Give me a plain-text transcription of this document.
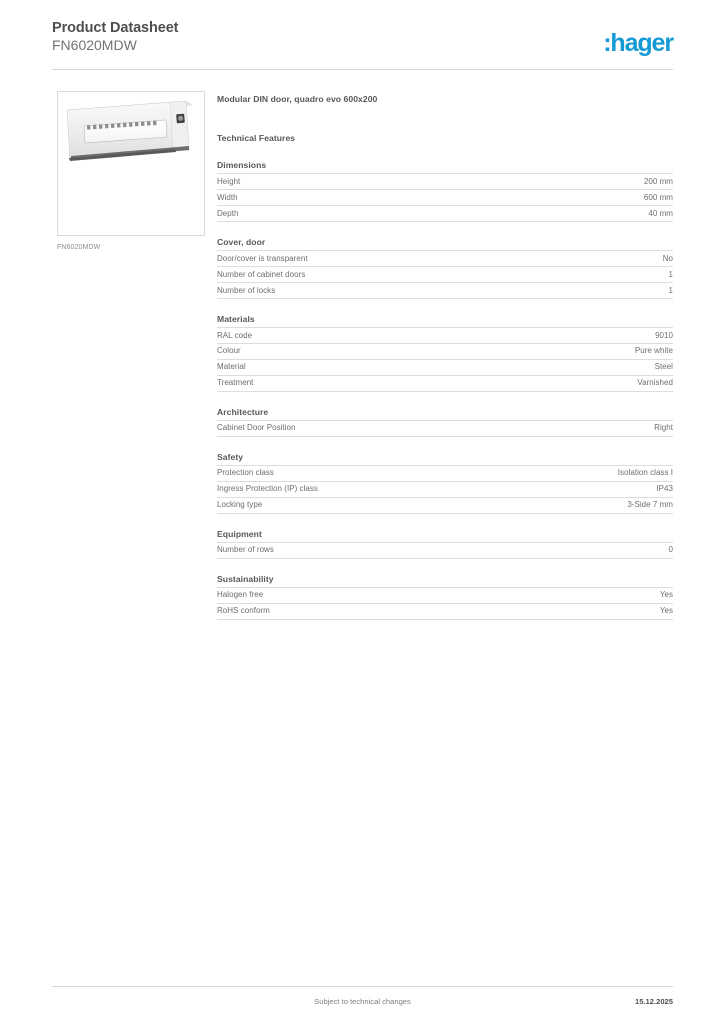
Product Datasheet
FN6020MDW	:hager
FN6020MDW
Modular DIN door, quadro evo 600x200
Technical Features
Dimensions
Height	200 mm
Width	600 mm
Depth	40 mm
Cover, door
Door/cover is transparent	No
Number of cabinet doors	1
Number of locks	1
Materials
RAL code	9010
Colour	Pure white
Material	Steel
Treatment	Varnished
Architecture
Cabinet Door Position	Right
Safety
Protection class	Isolation class I
Ingress Protection (IP) class	IP43
Locking type	3-Side 7 mm
Equipment
Number of rows	0
Sustainability
Halogen free	Yes
RoHS conform	Yes
Subject to technical changes	15.12.2025
